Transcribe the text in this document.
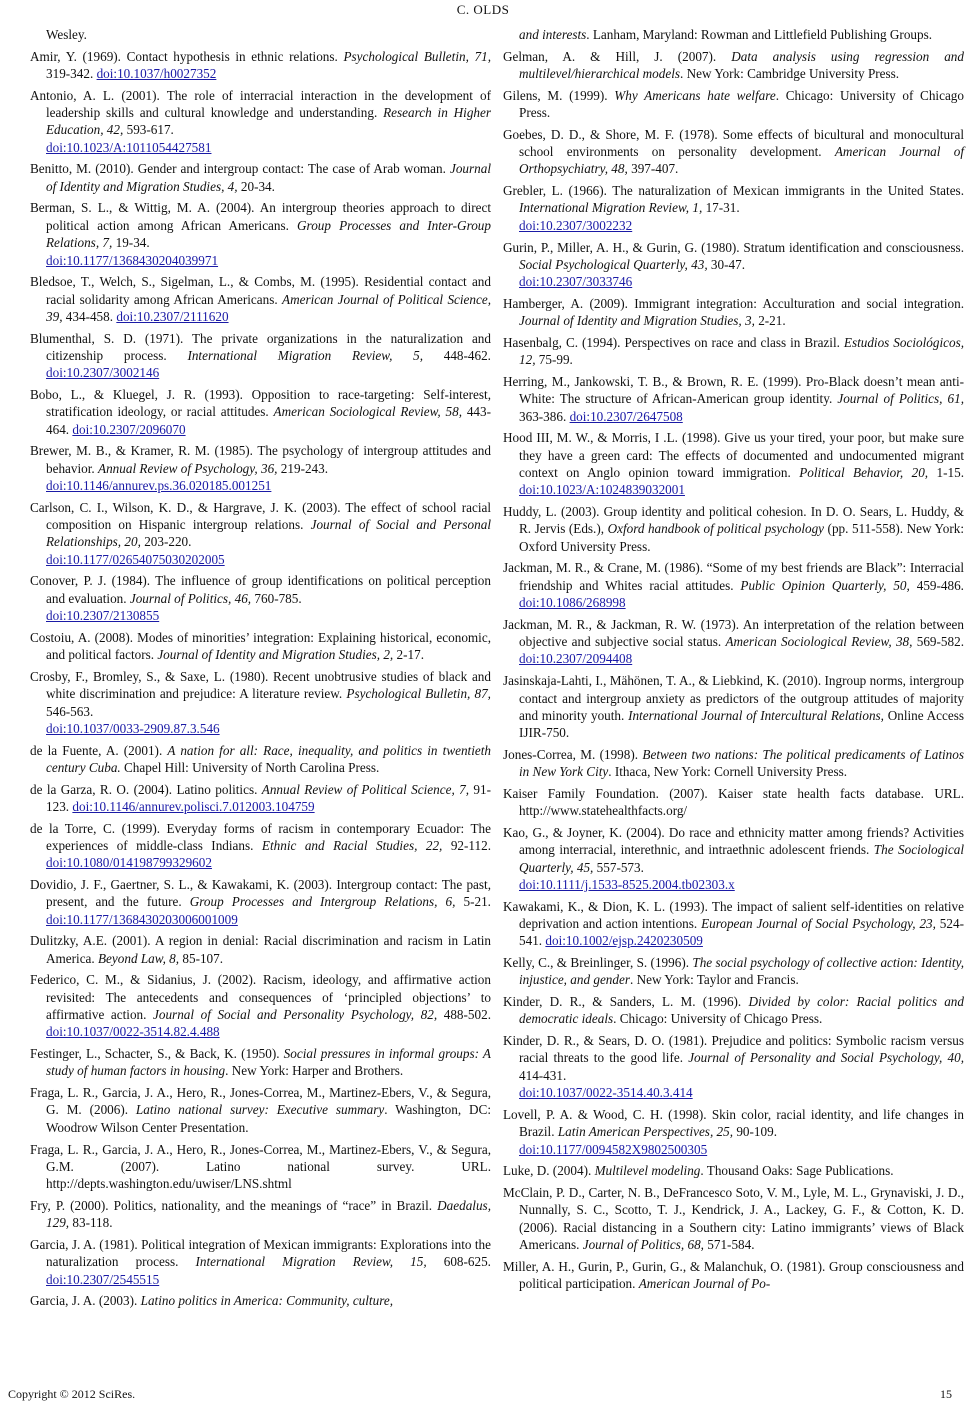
C. OLDS

Wesley.

Amir, Y. (1969). Contact hypothesis in ethnic relations. Psychological Bulletin, 71, 319-342. doi:10.1037/h0027352

Antonio, A. L. (2001). The role of interracial interaction in the development of leadership skills and cultural knowledge and understanding. Research in Higher Education, 42, 593-617.
doi:10.1023/A:1011054427581

Benitto, M. (2010). Gender and intergroup contact: The case of Arab woman. Journal of Identity and Migration Studies, 4, 20-34.

Berman, S. L., & Wittig, M. A. (2004). An intergroup theories approach to direct political action among African Americans. Group Processes and Inter-Group Relations, 7, 19-34.
doi:10.1177/1368430204039971

Bledsoe, T., Welch, S., Sigelman, L., & Combs, M. (1995). Residential contact and racial solidarity among African Americans. American Journal of Political Science, 39, 434-458. doi:10.2307/2111620

Blumenthal, S. D. (1971). The private organizations in the naturalization and citizenship process. International Migration Review, 5, 448-462. doi:10.2307/3002146

Bobo, L., & Kluegel, J. R. (1993). Opposition to race-targeting: Self-interest, stratification ideology, or racial attitudes. American Sociological Review, 58, 443-464. doi:10.2307/2096070

Brewer, M. B., & Kramer, R. M. (1985). The psychology of intergroup attitudes and behavior. Annual Review of Psychology, 36, 219-243.
doi:10.1146/annurev.ps.36.020185.001251

Carlson, C. I., Wilson, K. D., & Hargrave, J. K. (2003). The effect of school racial composition on Hispanic intergroup relations. Journal of Social and Personal Relationships, 20, 203-220.
doi:10.1177/02654075030202005

Conover, P. J. (1984). The influence of group identifications on political perception and evaluation. Journal of Politics, 46, 760-785.
doi:10.2307/2130855

Costoiu, A. (2008). Modes of minorities’ integration: Explaining historical, economic, and political factors. Journal of Identity and Migration Studies, 2, 2-17.

Crosby, F., Bromley, S., & Saxe, L. (1980). Recent unobtrusive studies of black and white discrimination and prejudice: A literature review. Psychological Bulletin, 87, 546-563.
doi:10.1037/0033-2909.87.3.546

de la Fuente, A. (2001). A nation for all: Race, inequality, and politics in twentieth century Cuba. Chapel Hill: University of North Carolina Press.

de la Garza, R. O. (2004). Latino politics. Annual Review of Political Science, 7, 91-123. doi:10.1146/annurev.polisci.7.012003.104759

de la Torre, C. (1999). Everyday forms of racism in contemporary Ecuador: The experiences of middle-class Indians. Ethnic and Racial Studies, 22, 92-112. doi:10.1080/014198799329602

Dovidio, J. F., Gaertner, S. L., & Kawakami, K. (2003). Intergroup contact: The past, present, and the future. Group Processes and Intergroup Relations, 6, 5-21. doi:10.1177/1368430203006001009

Dulitzky, A.E. (2001). A region in denial: Racial discrimination and racism in Latin America. Beyond Law, 8, 85-107.

Federico, C. M., & Sidanius, J. (2002). Racism, ideology, and affirmative action revisited: The antecedents and consequences of ‘principled objections’ to affirmative action. Journal of Social and Personality Psychology, 82, 488-502. doi:10.1037/0022-3514.82.4.488

Festinger, L., Schacter, S., & Back, K. (1950). Social pressures in informal groups: A study of human factors in housing. New York: Harper and Brothers.

Fraga, L. R., Garcia, J. A., Hero, R., Jones-Correa, M., Martinez-Ebers, V., & Segura, G. M. (2006). Latino national survey: Executive summary. Washington, DC: Woodrow Wilson Center Presentation.

Fraga, L. R., Garcia, J. A., Hero, R., Jones-Correa, M., Martinez-Ebers, V., & Segura, G.M. (2007). Latino national survey. URL. http://depts.washington.edu/uwiser/LNS.shtml

Fry, P. (2000). Politics, nationality, and the meanings of “race” in Brazil. Daedalus, 129, 83-118.

Garcia, J. A. (1981). Political integration of Mexican immigrants: Explorations into the naturalization process. International Migration Review, 15, 608-625. doi:10.2307/2545515

Garcia, J. A. (2003). Latino politics in America: Community, culture,

and interests. Lanham, Maryland: Rowman and Littlefield Publishing Groups.

Gelman, A. & Hill, J. (2007). Data analysis using regression and multilevel/hierarchical models. New York: Cambridge University Press.

Gilens, M. (1999). Why Americans hate welfare. Chicago: University of Chicago Press.

Goebes, D. D., & Shore, M. F. (1978). Some effects of bicultural and monocultural school environments on personality development. American Journal of Orthopsychiatry, 48, 397-407.

Grebler, L. (1966). The naturalization of Mexican immigrants in the United States. International Migration Review, 1, 17-31.
doi:10.2307/3002232

Gurin, P., Miller, A. H., & Gurin, G. (1980). Stratum identification and consciousness. Social Psychological Quarterly, 43, 30-47.
doi:10.2307/3033746

Hamberger, A. (2009). Immigrant integration: Acculturation and social integration. Journal of Identity and Migration Studies, 3, 2-21.

Hasenbalg, C. (1994). Perspectives on race and class in Brazil. Estudios Sociológicos, 12, 75-99.

Herring, M., Jankowski, T. B., & Brown, R. E. (1999). Pro-Black doesn’t mean anti-White: The structure of African-American group identity. Journal of Politics, 61, 363-386. doi:10.2307/2647508

Hood III, M. W., & Morris, I .L. (1998). Give us your tired, your poor, but make sure they have a green card: The effects of documented and undocumented migrant context on Anglo opinion toward immigration. Political Behavior, 20, 1-15. doi:10.1023/A:1024839032001

Huddy, L. (2003). Group identity and political cohesion. In D. O. Sears, L. Huddy, & R. Jervis (Eds.), Oxford handbook of political psychology (pp. 511-558). New York: Oxford University Press.

Jackman, M. R., & Crane, M. (1986). “Some of my best friends are Black”: Interracial friendship and Whites racial attitudes. Public Opinion Quarterly, 50, 459-486. doi:10.1086/268998

Jackman, M. R., & Jackman, R. W. (1973). An interpretation of the relation between objective and subjective social status. American Sociological Review, 38, 569-582. doi:10.2307/2094408

Jasinskaja-Lahti, I., Mähönen, T. A., & Liebkind, K. (2010). Ingroup norms, intergroup contact and intergroup anxiety as predictors of the outgroup attitudes of majority and minority youth. International Journal of Intercultural Relations, Online Access IJIR-750.

Jones-Correa, M. (1998). Between two nations: The political predicaments of Latinos in New York City. Ithaca, New York: Cornell University Press.

Kaiser Family Foundation. (2007). Kaiser state health facts database. URL. http://www.statehealthfacts.org/

Kao, G., & Joyner, K. (2004). Do race and ethnicity matter among friends? Activities among interracial, interethnic, and intraethnic adolescent friends. The Sociological Quarterly, 45, 557-573.
doi:10.1111/j.1533-8525.2004.tb02303.x

Kawakami, K., & Dion, K. L. (1993). The impact of salient self-identities on relative deprivation and action intentions. European Journal of Social Psychology, 23, 524-541. doi:10.1002/ejsp.2420230509

Kelly, C., & Breinlinger, S. (1996). The social psychology of collective action: Identity, injustice, and gender. New York: Taylor and Francis.

Kinder, D. R., & Sanders, L. M. (1996). Divided by color: Racial politics and democratic ideals. Chicago: University of Chicago Press.

Kinder, D. R., & Sears, D. O. (1981). Prejudice and politics: Symbolic racism versus racial threats to the good life. Journal of Personality and Social Psychology, 40, 414-431.
doi:10.1037/0022-3514.40.3.414

Lovell, P. A. & Wood, C. H. (1998). Skin color, racial identity, and life changes in Brazil. Latin American Perspectives, 25, 90-109.
doi:10.1177/0094582X9802500305

Luke, D. (2004). Multilevel modeling. Thousand Oaks: Sage Publications.

McClain, P. D., Carter, N. B., DeFrancesco Soto, V. M., Lyle, M. L., Grynaviski, J. D., Nunnally, S. C., Scotto, T. J., Kendrick, J. A., Lackey, G. F., & Cotton, K. D. (2006). Racial distancing in a Southern city: Latino immigrants’ views of Black Americans. Journal of Politics, 68, 571-584.

Miller, A. H., Gurin, P., Gurin, G., & Malanchuk, O. (1981). Group consciousness and political participation. American Journal of Po-

Copyright © 2012 SciRes.	15
